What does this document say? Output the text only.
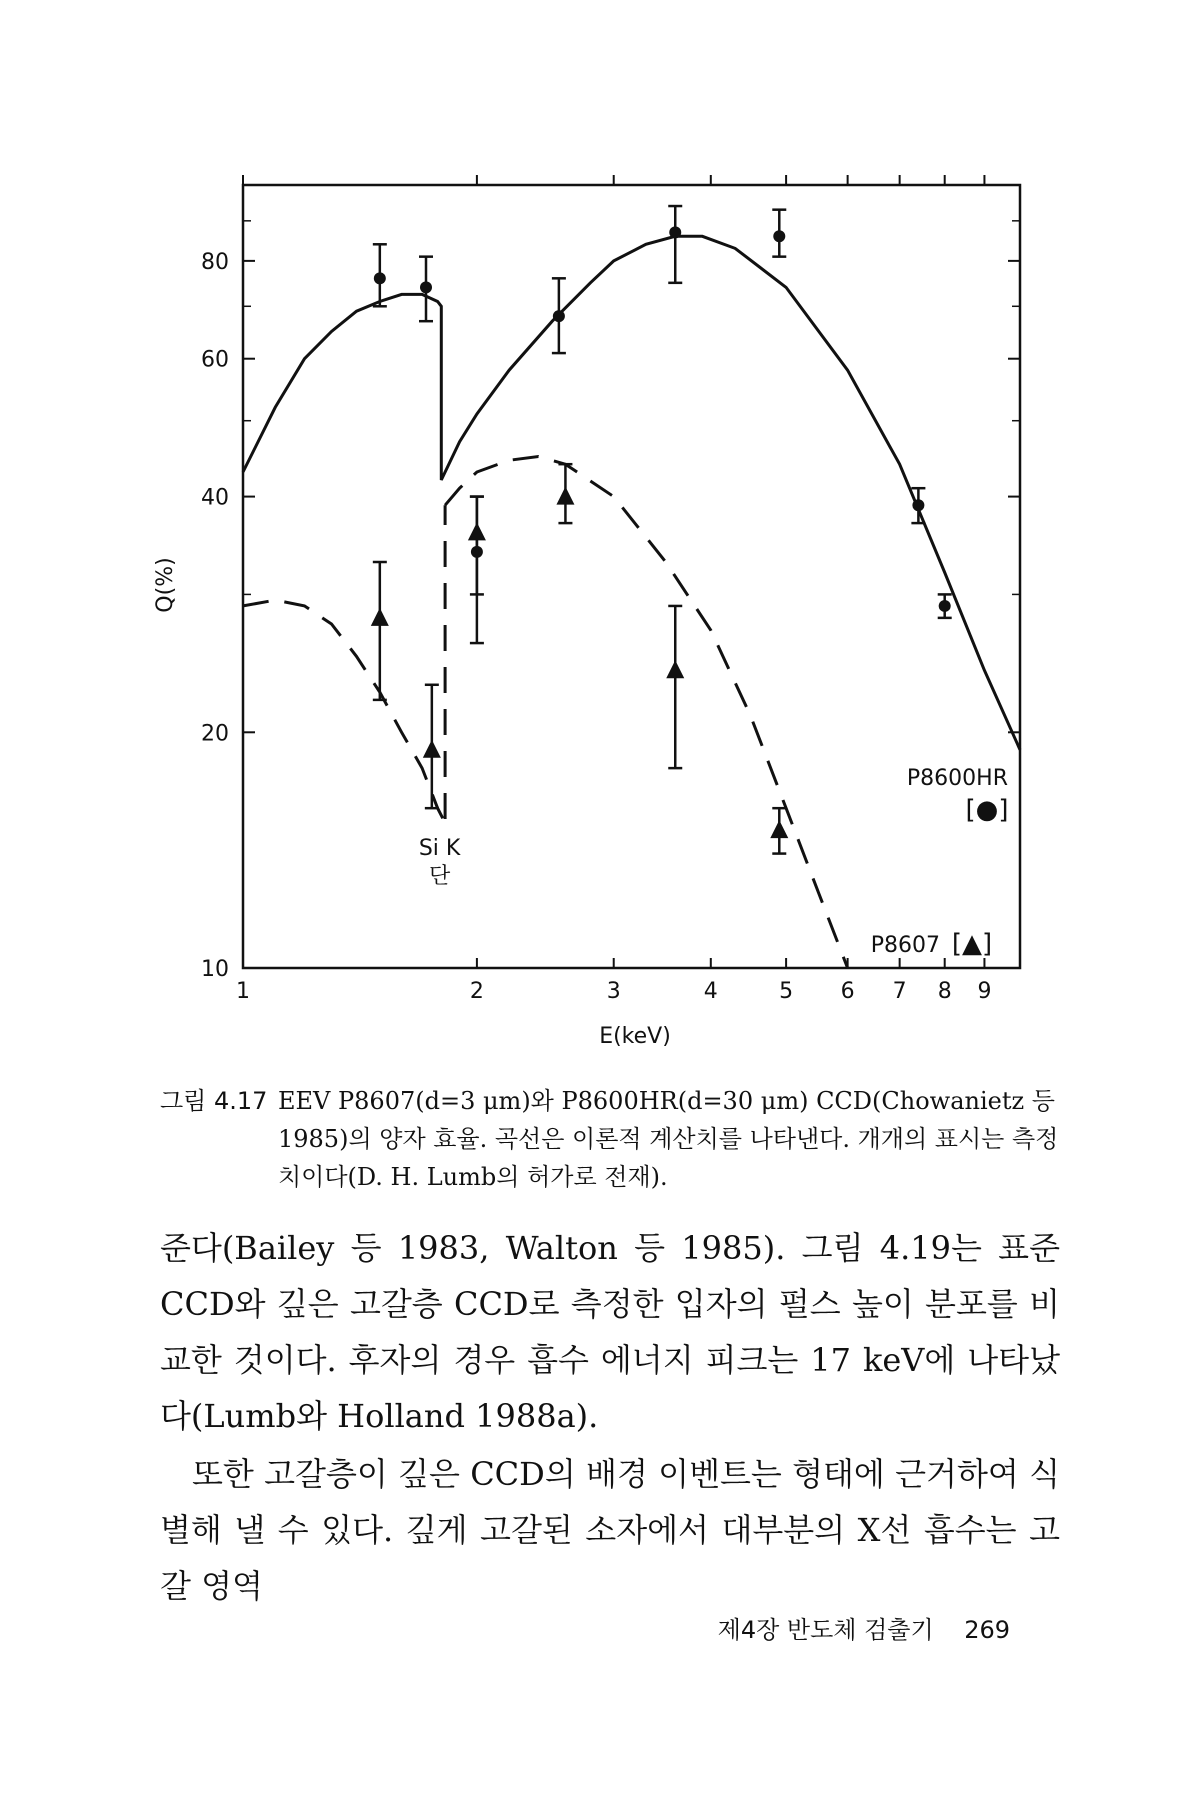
1	2	3	4	5 6 7 8 9
10
20
40
60
80
Si K
단
P8600HR
[●]
P8607 [▲]
E(keV)
Q(%)
그림 4.17 EEV P8607(d=3 μm)와 P8600HR(d=30 μm) CCD(Chowanietz 등 1985)의 양자 효율. 곡선은 이론적 계산치를 나타낸다. 개개의 표시는 측정치이다(D. H. Lumb의 허가로 전재).
준다(Bailey 등 1983, Walton 등 1985). 그림 4.19는 표준 CCD와 깊은 고갈층 CCD로 측정한 입자의 펄스 높이 분포를 비교한 것이다. 후자의 경우 흡수 에너지 피크는 17 keV에 나타났다(Lumb와 Holland 1988a).
또한 고갈층이 깊은 CCD의 배경 이벤트는 형태에 근거하여 식별해 낼 수 있다. 깊게 고갈된 소자에서 대부분의 X선 흡수는 고갈 영역
제4장 반도체 검출기 269
